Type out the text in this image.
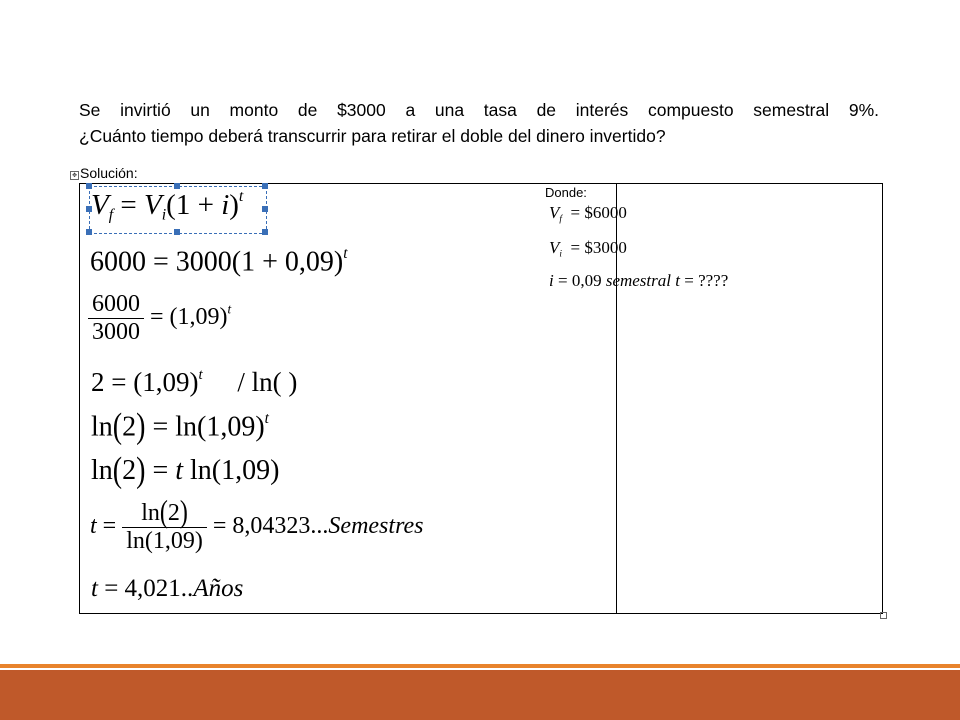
Se invirtió un monto de $3000 a una tasa de interés compuesto semestral 9%.
¿Cuánto tiempo deberá transcurrir para retirar el doble del dinero invertido?
✥ Solución:
$V_f = V_i(1 + i)^t$
$6000 = 3000(1 + 0,09)^t$
$\frac{6000}{3000} = (1,09)^t$
$2 = (1,09)^t / \ln$( )
$\ln(2) = \ln(1,09)^t$
ln(2) = t ln(1,09)
$t = \frac{\ln(2)}{\ln(1,09)}$ = 8,04323...Semestres
t = 4,021..Años
Donde:
$V_f$ = $6000
$V_i$ = $3000
i = 0,09 semestral t = ????
